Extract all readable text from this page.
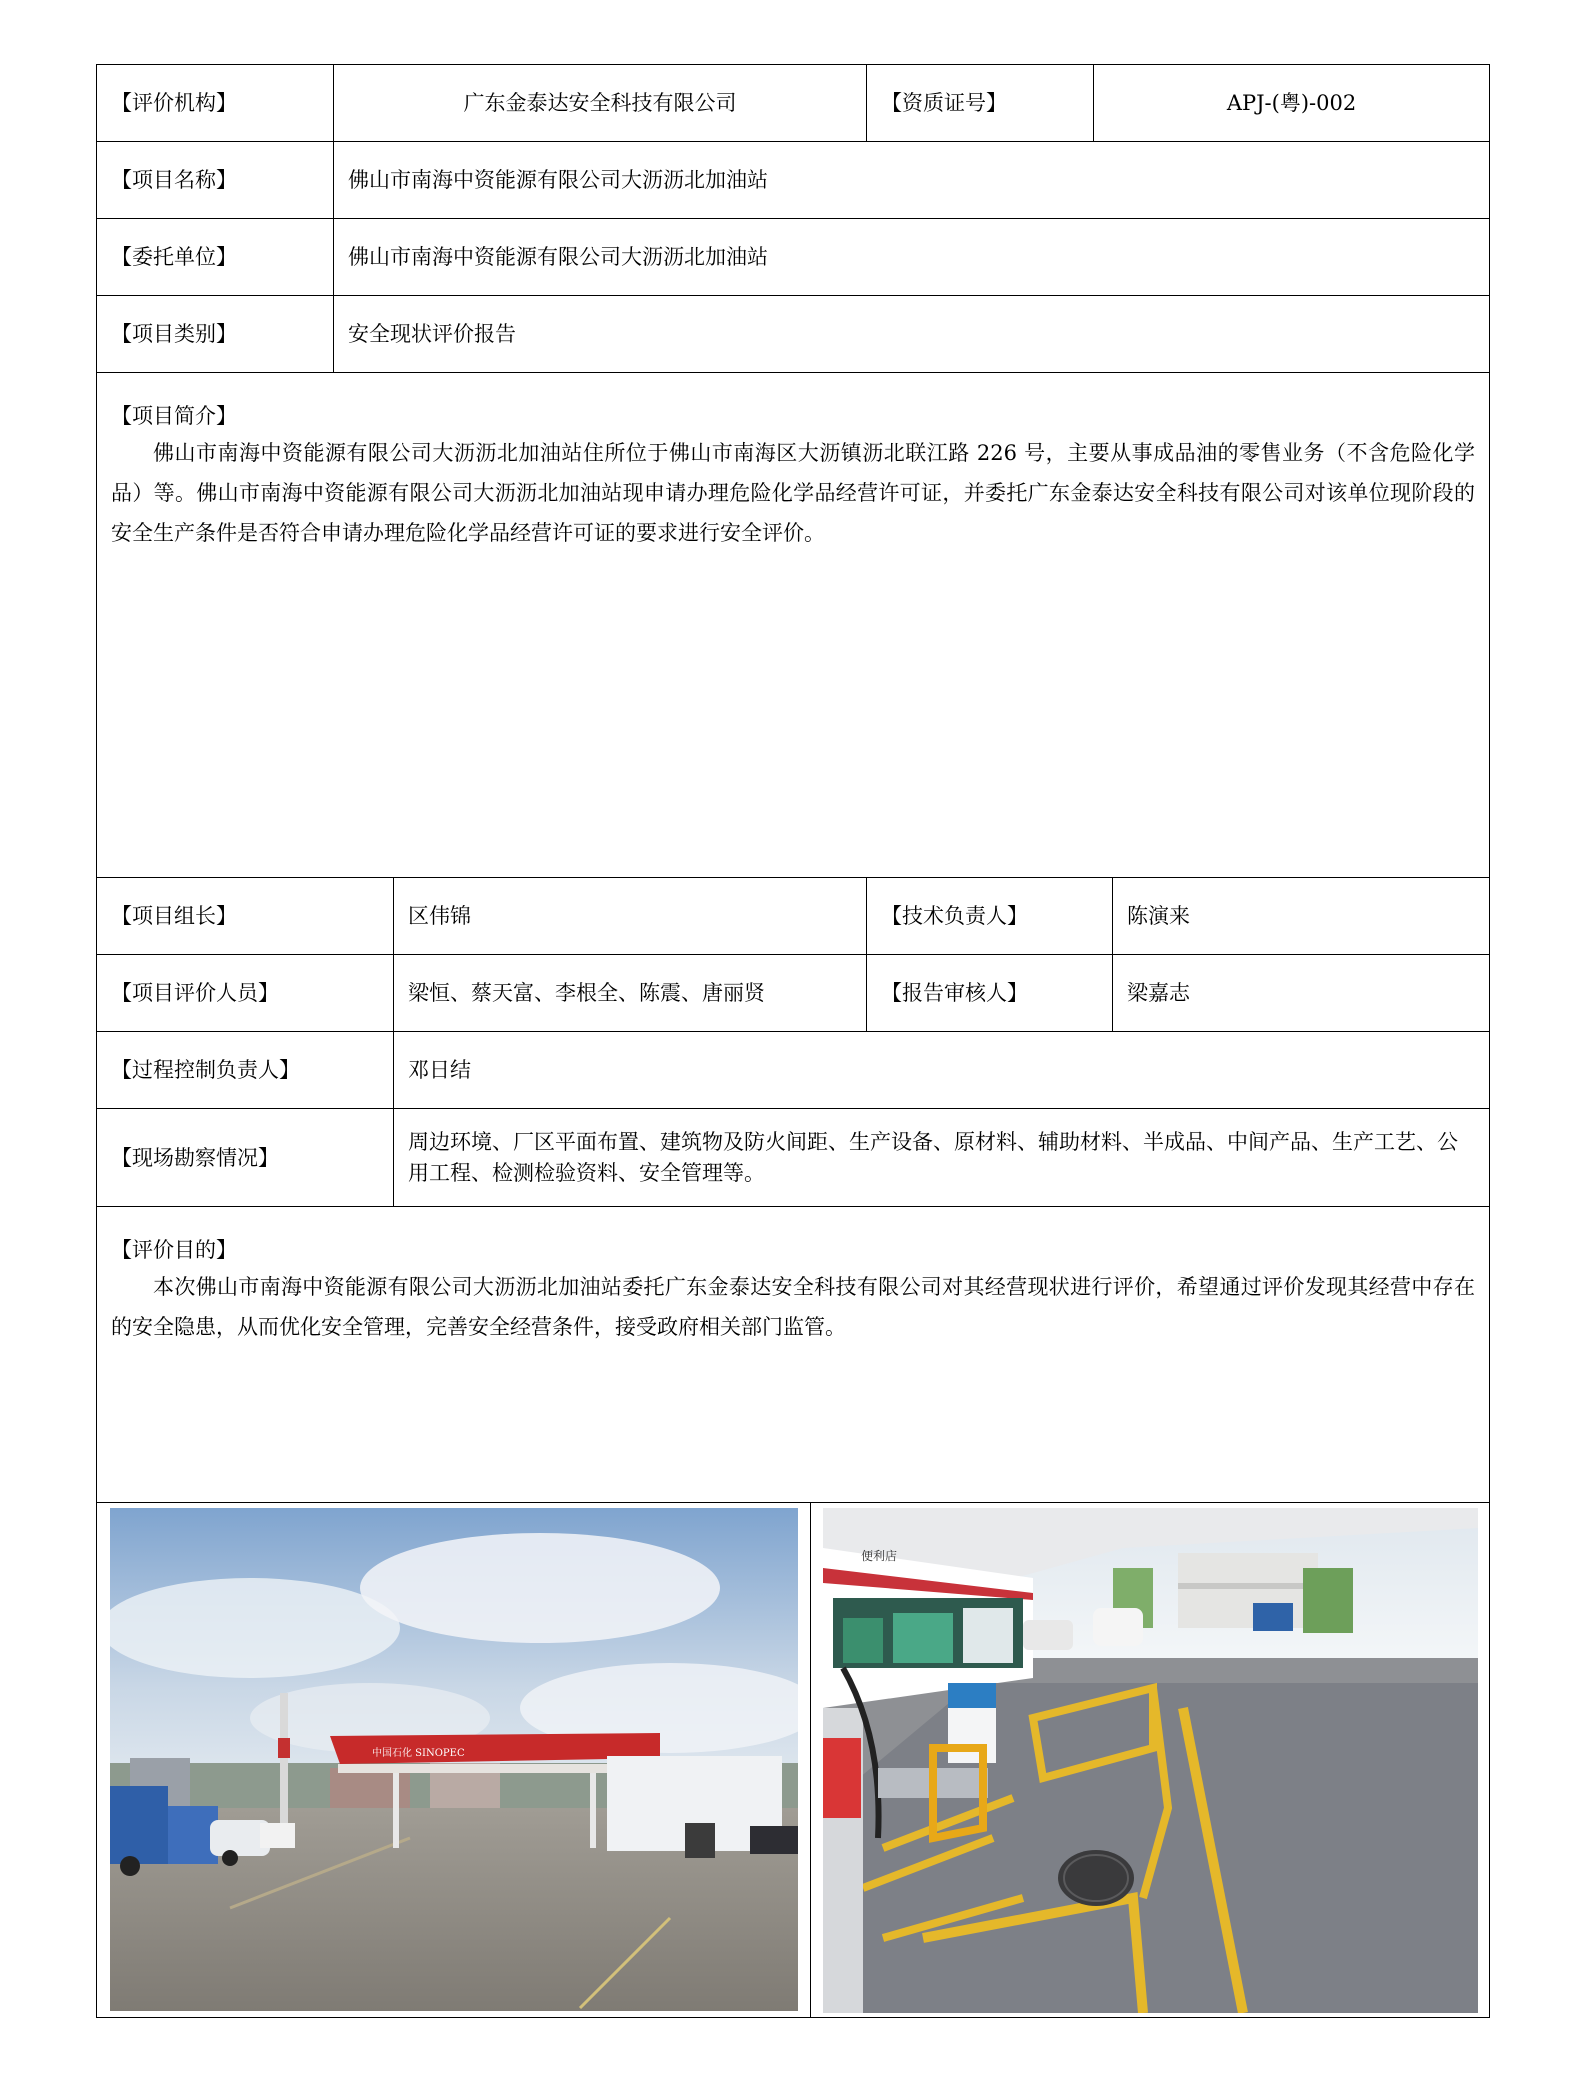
【评价机构】	广东金泰达安全科技有限公司	【资质证号】	APJ-(粤)-002
【项目名称】	佛山市南海中资能源有限公司大沥沥北加油站
【委托单位】	佛山市南海中资能源有限公司大沥沥北加油站
【项目类别】	安全现状评价报告
【项目简介】

佛山市南海中资能源有限公司大沥沥北加油站住所位于佛山市南海区大沥镇沥北联江路 226 号，主要从事成品油的零售业务（不含危险化学品）等。佛山市南海中资能源有限公司大沥沥北加油站现申请办理危险化学品经营许可证，并委托广东金泰达安全科技有限公司对该单位现阶段的安全生产条件是否符合申请办理危险化学品经营许可证的要求进行安全评价。

【项目组长】	区伟锦	【技术负责人】	陈演来
【项目评价人员】	梁恒、蔡天富、李根全、陈震、唐丽贤	【报告审核人】	梁嘉志
【过程控制负责人】	邓日结
【现场勘察情况】
周边环境、厂区平面布置、建筑物及防火间距、生产设备、原材料、辅助材料、半成品、中间产品、生产工艺、公用工程、检测检验资料、安全管理等。
【评价目的】

本次佛山市南海中资能源有限公司大沥沥北加油站委托广东金泰达安全科技有限公司对其经营现状进行评价，希望通过评价发现其经营中存在的安全隐患，从而优化安全管理，完善安全经营条件，接受政府相关部门监管。

中国石化 SINOPEC
便利店
